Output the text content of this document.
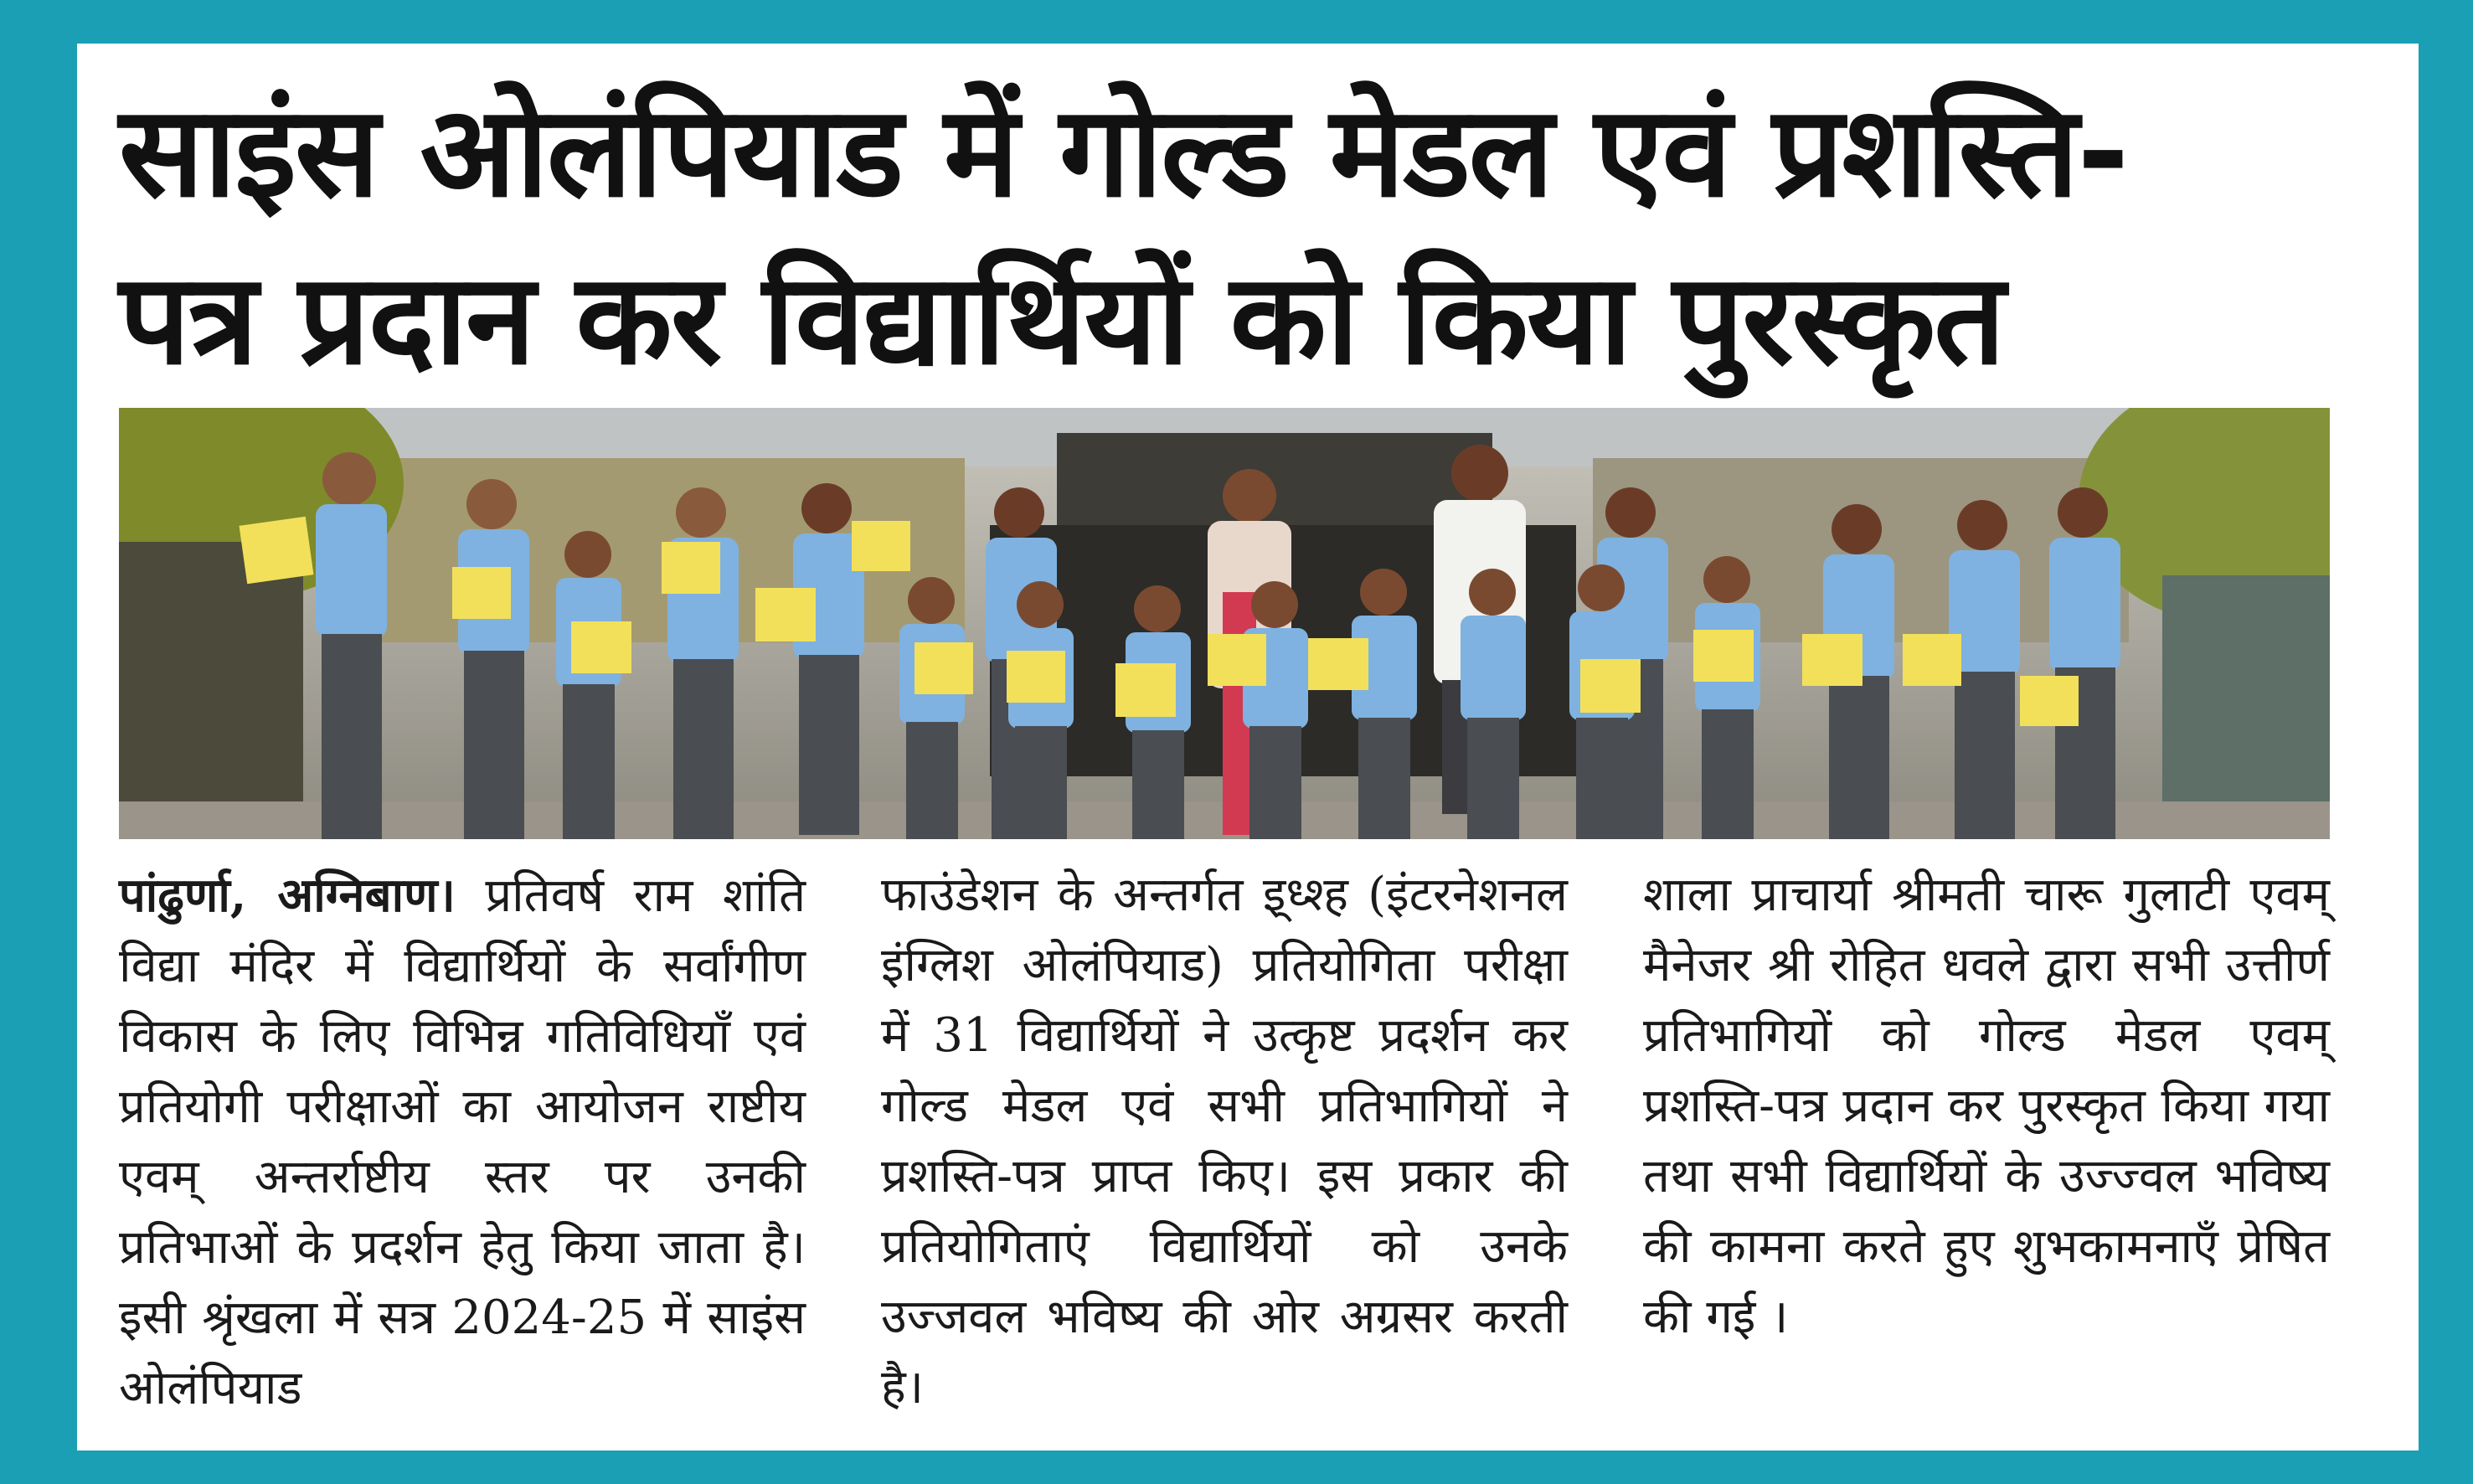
साइंस ओलंपियाड में गोल्ड मेडल एवं प्रशस्ति-
पत्र प्रदान कर विद्यार्थियों को किया पुरस्कृत

पांढुर्णा, अग्निबाण। प्रतिवर्ष राम शांति विद्या मंदिर में विद्यार्थियों के सर्वांगीण विकास के लिए विभिन्न गतिविधियाँ एवं प्रतियोगी परीक्षाओं का आयोजन राष्टीय एवम् अन्तर्राष्टीय स्तर पर उनकी प्रतिभाओं के प्रदर्शन हेतु किया जाता है। इसी श्रृंखला में सत्र 2024-25 में साइंस ओलंपियाड

फाउंडेशन के अन्तर्गत इ्ध्श्ह (इंटरनेशनल इंग्लिश ओलंपियाड) प्रतियोगिता परीक्षा में 31 विद्यार्थियों ने उत्कृष्ट प्रदर्शन कर गोल्ड मेडल एवं सभी प्रतिभागियों ने प्रशस्ति-पत्र प्राप्त किए। इस प्रकार की प्रतियोगिताएं विद्यार्थियों को उनके उज्जवल भविष्य की ओर अग्रसर करती है।

शाला प्राचार्या श्रीमती चारू गुलाटी एवम् मैनेजर श्री रोहित धवले द्वारा सभी उत्तीर्ण प्रतिभागियों को गोल्ड मेडल एवम् प्रशस्ति-पत्र प्रदान कर पुरस्कृत किया गया तथा सभी विद्यार्थियों के उज्ज्वल भविष्य की कामना करते हुए शुभकामनाएँ प्रेषित की गई ।
